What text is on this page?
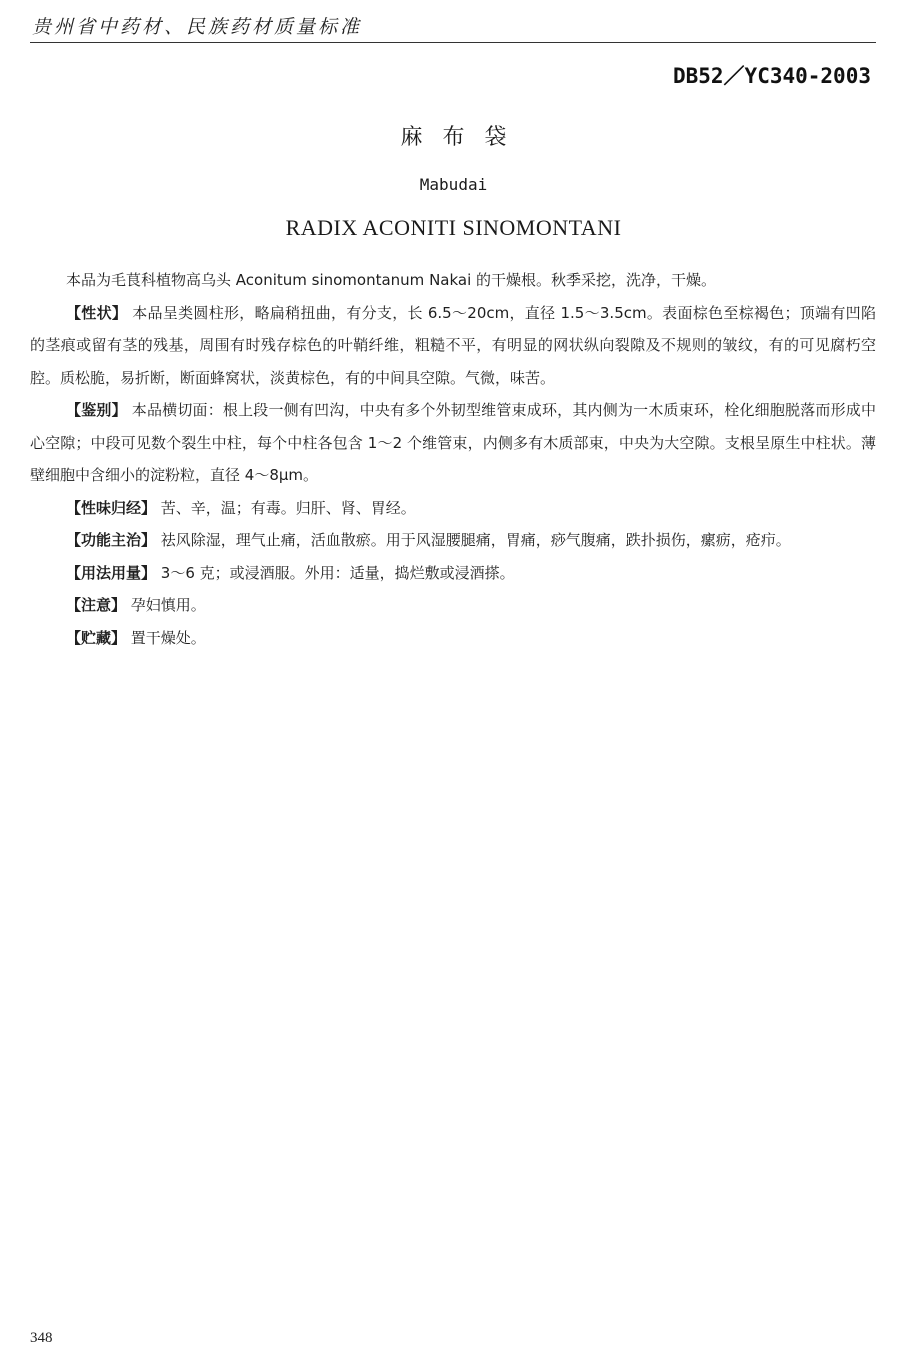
贵州省中药材、民族药材质量标准
DB52／YC340-2003
麻布袋
Mabudai
RADIX ACONITI SINOMONTANI

本品为毛茛科植物高乌头 Aconitum sinomontanum Nakai 的干燥根。秋季采挖，洗净，干燥。

【性状】 本品呈类圆柱形，略扁稍扭曲，有分支，长 6.5～20cm，直径 1.5～3.5cm。表面棕色至棕褐色；顶端有凹陷的茎痕或留有茎的残基，周围有时残存棕色的叶鞘纤维，粗糙不平，有明显的网状纵向裂隙及不规则的皱纹，有的可见腐朽空腔。质松脆，易折断，断面蜂窝状，淡黄棕色，有的中间具空隙。气微，味苦。

【鉴别】 本品横切面：根上段一侧有凹沟，中央有多个外韧型维管束成环，其内侧为一木质束环，栓化细胞脱落而形成中心空隙；中段可见数个裂生中柱，每个中柱各包含 1～2 个维管束，内侧多有木质部束，中央为大空隙。支根呈原生中柱状。薄壁细胞中含细小的淀粉粒，直径 4～8μm。

【性味归经】 苦、辛，温；有毒。归肝、肾、胃经。

【功能主治】 祛风除湿，理气止痛，活血散瘀。用于风湿腰腿痛，胃痛，痧气腹痛，跌扑损伤，瘰疬，疮疖。

【用法用量】 3～6 克；或浸酒服。外用：适量，捣烂敷或浸酒搽。

【注意】 孕妇慎用。

【贮藏】 置干燥处。

348
